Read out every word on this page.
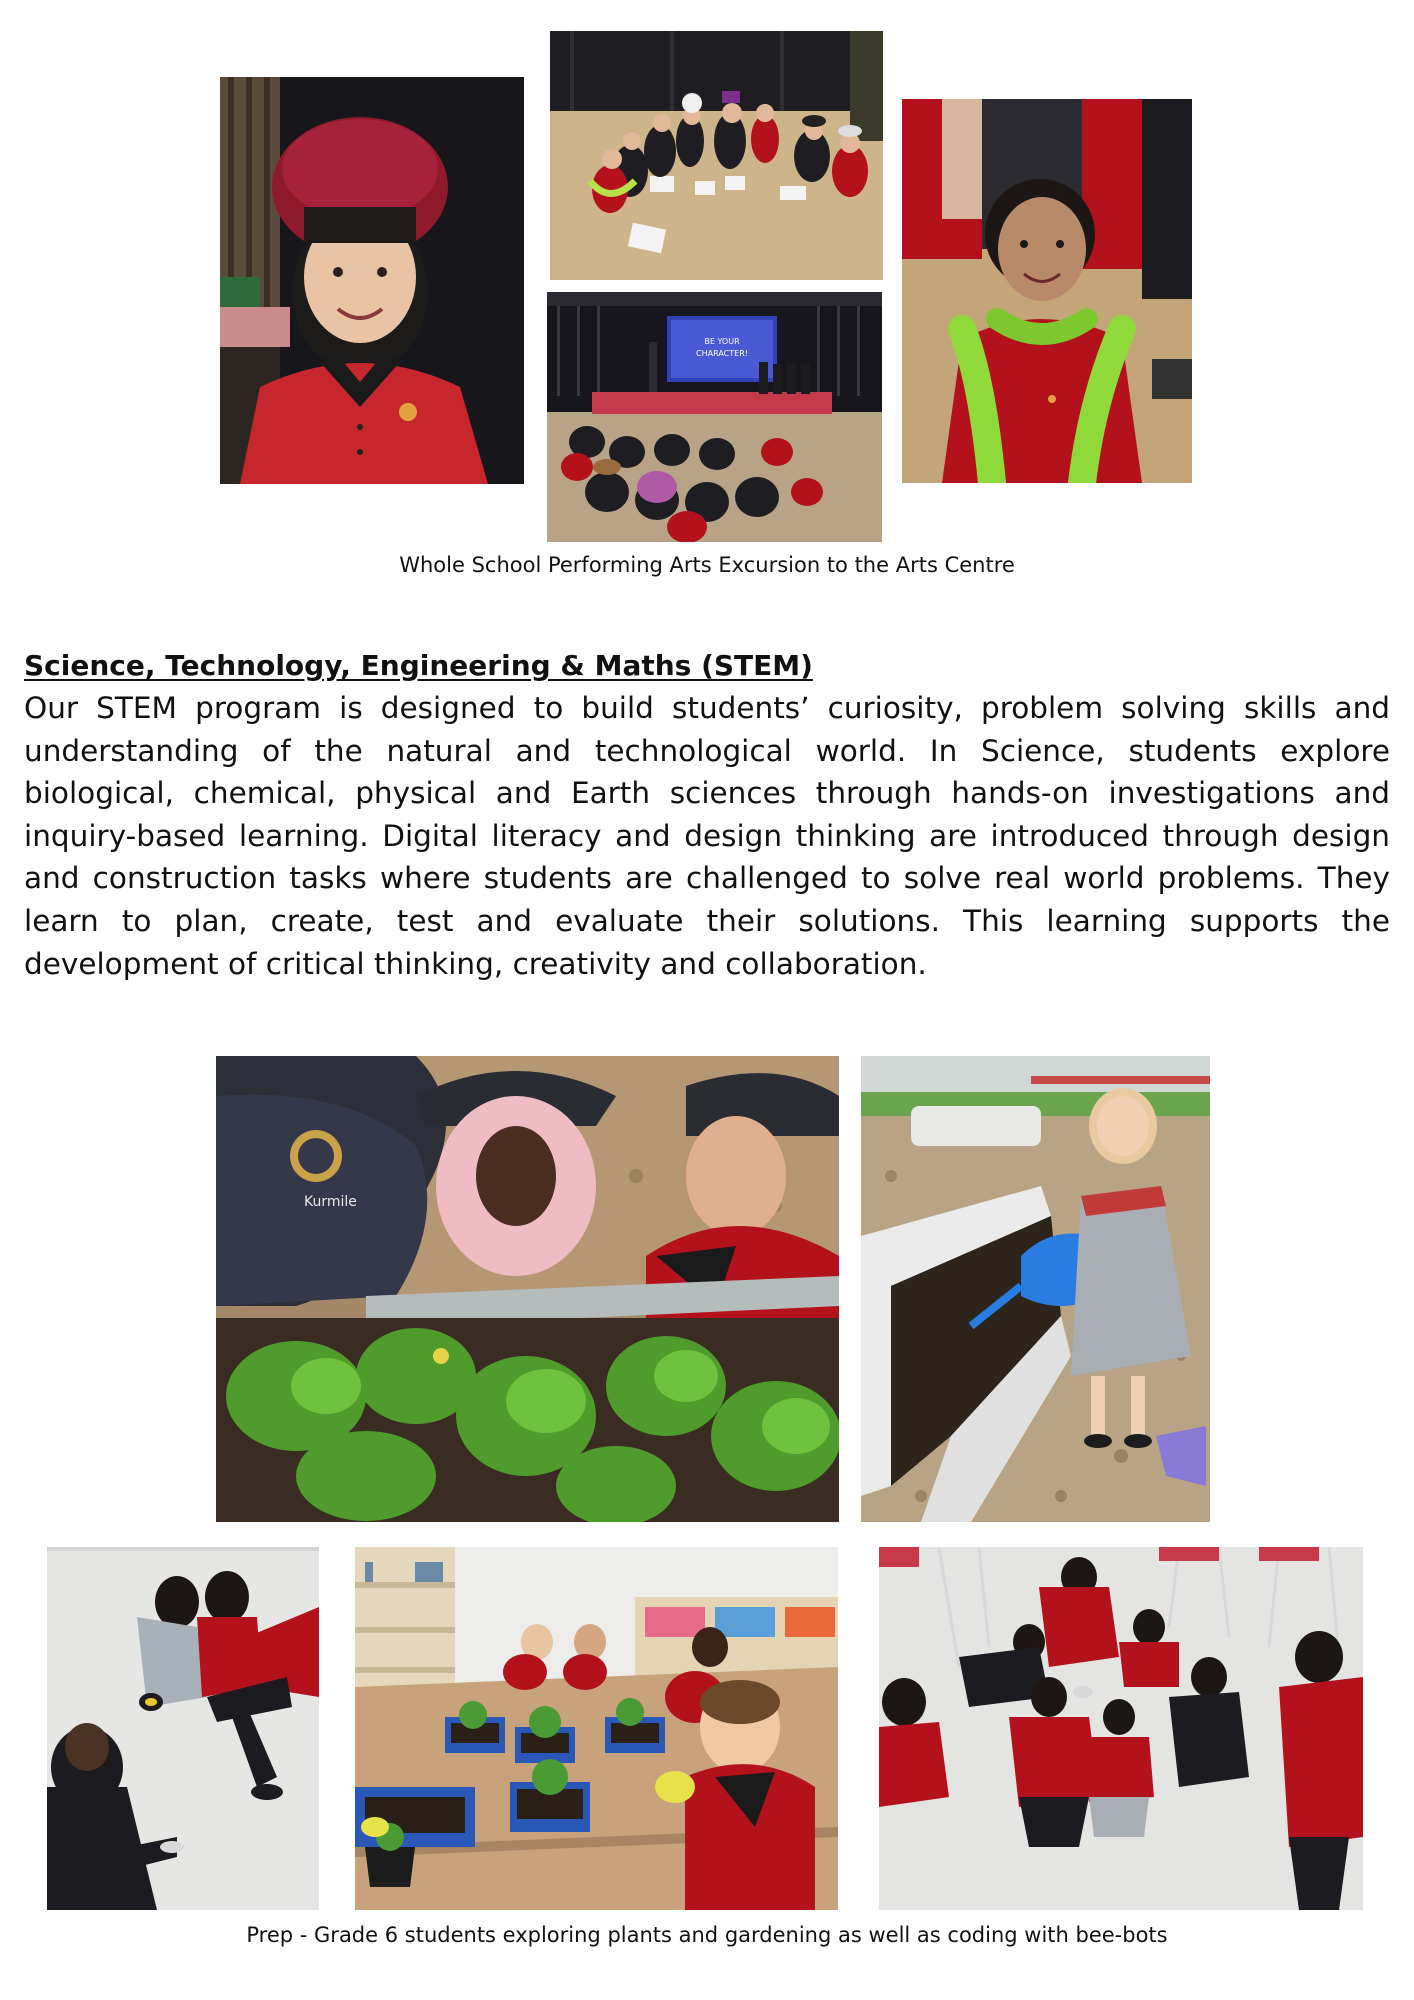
BE YOUR
CHARACTER!
Whole School Performing Arts Excursion to the Arts Centre
Science, Technology, Engineering & Maths (STEM)

Our STEM program is designed to build students’ curiosity, problem solving skills and understanding of the natural and technological world. In Science, students explore biological, chemical, physical and Earth sciences through hands-on investigations and inquiry-based learning. Digital literacy and design thinking are introduced through design and construction tasks where students are challenged to solve real world problems. They learn to plan, create, test and evaluate their solutions. This learning supports the development of critical thinking, creativity and collaboration.

Kurmile
Prep - Grade 6 students exploring plants and gardening as well as coding with bee-bots
